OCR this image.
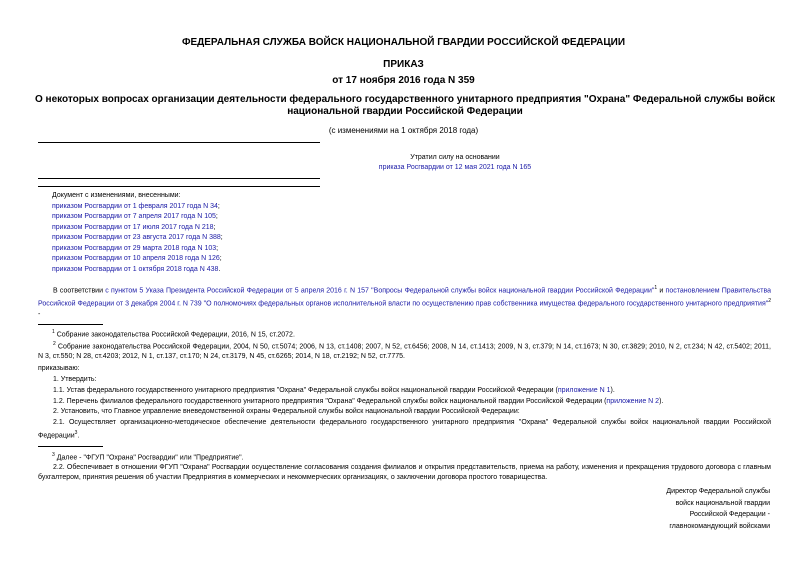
ФЕДЕРАЛЬНАЯ СЛУЖБА ВОЙСК НАЦИОНАЛЬНОЙ ГВАРДИИ РОССИЙСКОЙ ФЕДЕРАЦИИ
ПРИКАЗ
от 17 ноября 2016 года N 359
О некоторых вопросах организации деятельности федерального государственного унитарного предприятия "Охрана" Федеральной службы войск национальной гвардии Российской Федерации
(с изменениями на 1 октября 2018 года)
Утратил силу на основании
приказа Росгвардии от 12 мая 2021 года N 165
Документ с изменениями, внесенными:
приказом Росгвардии от 1 февраля 2017 года N 34;
приказом Росгвардии от 7 апреля 2017 года N 105;
приказом Росгвардии от 17 июля 2017 года N 218;
приказом Росгвардии от 23 августа 2017 года N 388;
приказом Росгвардии от 29 марта 2018 года N 103;
приказом Росгвардии от 10 апреля 2018 года N 126;
приказом Росгвардии от 1 октября 2018 года N 438.
В соответствии с пунктом 5 Указа Президента Российской Федерации от 5 апреля 2016 г. N 157 "Вопросы Федеральной службы войск национальной гвардии Российской Федерации"$^1$ и постановлением Правительства Российской Федерации от 3 декабря 2004 г. N 739 "О полномочиях федеральных органов исполнительной власти по осуществлению прав собственника имущества федерального государственного унитарного предприятия"$^2$ -
$^1$ Собрание законодательства Российской Федерации, 2016, N 15, ст.2072.
$^2$ Собрание законодательства Российской Федерации, 2004, N 50, ст.5074; 2006, N 13, ст.1408; 2007, N 52, ст.6456; 2008, N 14, ст.1413; 2009, N 3, ст.379; N 14, ст.1673; N 30, ст.3829; 2010, N 2, ст.234; N 42, ст.5402; 2011, N 3, ст.550; N 28, ст.4203; 2012, N 1, ст.137, ст.170; N 24, ст.3179, N 45, ст.6265; 2014, N 18, ст.2192; N 52, ст.7775.
приказываю:
1. Утвердить:
1.1. Устав федерального государственного унитарного предприятия "Охрана" Федеральной службы войск национальной гвардии Российской Федерации (приложение N 1).
1.2. Перечень филиалов федерального государственного унитарного предприятия "Охрана" Федеральной службы войск национальной гвардии Российской Федерации (приложение N 2).
2. Установить, что Главное управление вневедомственной охраны Федеральной службы войск национальной гвардии Российской Федерации:
2.1. Осуществляет организационно-методическое обеспечение деятельности федерального государственного унитарного предприятия "Охрана" Федеральной службы войск национальной гвардии Российской Федерации$^3$.
$^3$ Далее - "ФГУП "Охрана" Росгвардии" или "Предприятие".
2.2. Обеспечивает в отношении ФГУП "Охрана" Росгвардии осуществление согласования создания филиалов и открытия представительств, приема на работу, изменения и прекращения трудового договора с главным бухгалтером, принятия решения об участии Предприятия в коммерческих и некоммерческих организациях, о заключении договора простого товарищества.
Директор Федеральной службы
войск национальной гвардии
Российской Федерации -
главнокомандующий войсками
